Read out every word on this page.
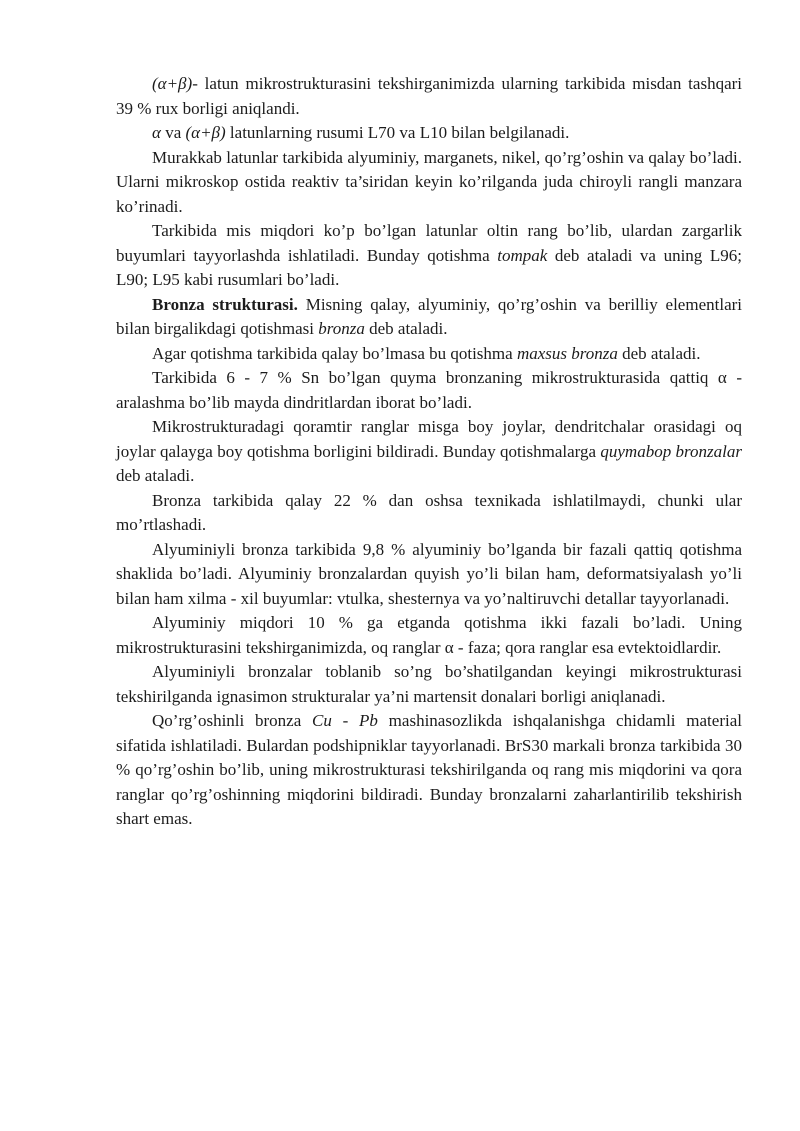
(α+β)- latun mikrostrukturasini tekshirganimizda ularning tarkibida misdan tashqari 39 % rux borligi aniqlandi.

α va (α+β) latunlarning rusumi L70 va L10 bilan belgilanadi.

Murakkab latunlar tarkibida alyuminiy, marganets, nikel, qo’rg’oshin va qalay bo’ladi. Ularni mikroskop ostida reaktiv ta’siridan keyin ko’rilganda juda chiroyli rangli manzara ko’rinadi.

Tarkibida mis miqdori ko’p bo’lgan latunlar oltin rang bo’lib, ulardan zargarlik buyumlari tayyorlashda ishlatiladi. Bunday qotishma tompak deb ataladi va uning L96; L90; L95 kabi rusumlari bo’ladi.

Bronza strukturasi. Misning qalay, alyuminiy, qo’rg’oshin va berilliy elementlari bilan birgalikdagi qotishmasi bronza deb ataladi.

Agar qotishma tarkibida qalay bo’lmasa bu qotishma maxsus bronza deb ataladi.

Tarkibida 6 - 7 % Sn bo’lgan quyma bronzaning mikrostrukturasida qattiq α - aralashma bo’lib mayda dindritlardan iborat bo’ladi.

Mikrostrukturadagi qoramtir ranglar misga boy joylar, dendritchalar orasidagi oq joylar qalayga boy qotishma borligini bildiradi. Bunday qotishmalarga quymabop bronzalar deb ataladi.

Bronza tarkibida qalay 22 % dan oshsa texnikada ishlatilmaydi, chunki ular mo’rtlashadi.

Alyuminiyli bronza tarkibida 9,8 % alyuminiy bo’lganda bir fazali qattiq qotishma shaklida bo’ladi. Alyuminiy bronzalardan quyish yo’li bilan ham, deformatsiyalash yo’li bilan ham xilma - xil buyumlar: vtulka, shesternya va yo’naltiruvchi detallar tayyorlanadi.

Alyuminiy miqdori 10 % ga etganda qotishma ikki fazali bo’ladi. Uning mikrostrukturasini tekshirganimizda, oq ranglar α - faza; qora ranglar esa evtektoidlardir.

Alyuminiyli bronzalar toblanib so’ng bo’shatilgandan keyingi mikrostrukturasi tekshirilganda ignasimon strukturalar ya’ni martensit donalari borligi aniqlanadi.

Qo’rg’oshinli bronza Cu - Pb mashinasozlikda ishqalanishga chidamli material sifatida ishlatiladi. Bulardan podshipniklar tayyorlanadi. BrS30 markali bronza tarkibida 30 % qo’rg’oshin bo’lib, uning mikrostrukturasi tekshirilganda oq rang mis miqdorini va qora ranglar qo’rg’oshinning miqdorini bildiradi. Bunday bronzalarni zaharlantirilib tekshirish shart emas.
